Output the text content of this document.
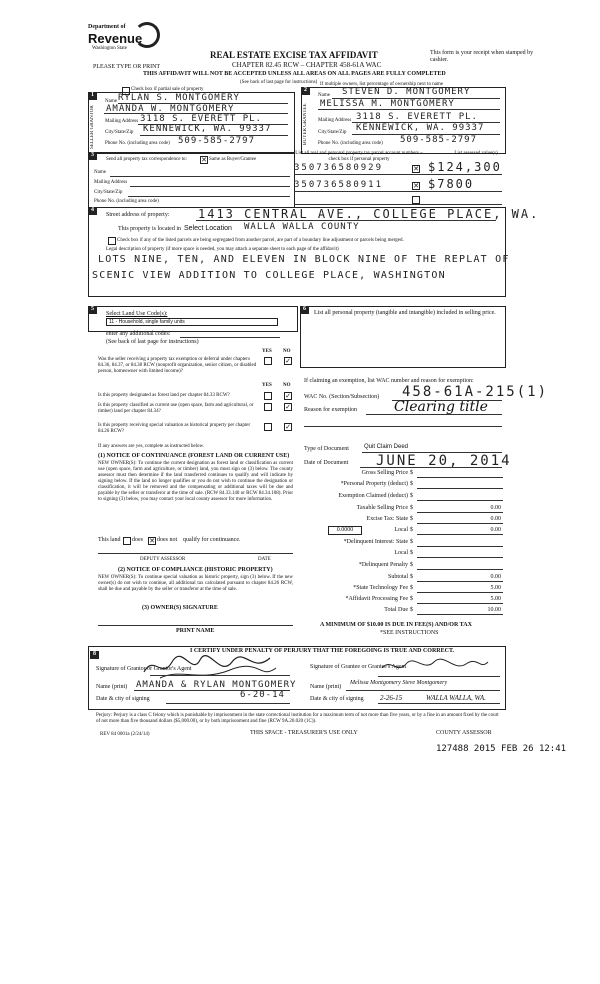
Department of
Revenue
Washington State
PLEASE TYPE OR PRINT
REAL ESTATE EXCISE TAX AFFIDAVIT
CHAPTER 82.45 RCW – CHAPTER 458-61A WAC
This form is your receipt when stamped by cashier.
THIS AFFIDAVIT WILL NOT BE ACCEPTED UNLESS ALL AREAS ON ALL PAGES ARE FULLY COMPLETED
(See back of last page for instructions)
Check box if partial sale of property
If multiple owners, list percentage of ownership next to name
1
SELLER GRANTOR
Name RYLAN S. MONTGOMERY
AMANDA W. MONTGOMERY
Mailing Address 3118 S. EVERETT PL.
City/State/Zip KENNEWICK, WA. 99337
Phone No. (including area code) 509-585-2797
2
BUYER GRANTEE
Name STEVEN D. MONTGOMERY
MELISSA M. MONTGOMERY
Mailing Address 3118 S. EVERETT PL.
City/State/Zip KENNEWICK, WA. 99337
Phone No. (including area code) 509-585-2797
3
Send all property tax correspondence to: ✕ Same as Buyer/Grantee
Name
Mailing Address
City/State/Zip
Phone No. (including area code)
List all real and personal property tax parcel account numbers – check box if personal property
List assessed value(s)
350736580929	✕ $124,300
350736580911	✕ $7800
4
Street address of property: 1413 CENTRAL AVE., COLLEGE PLACE, WA.
This property is located in Select Location WALLA WALLA COUNTY
Check box if any of the listed parcels are being segregated from another parcel, are part of a boundary line adjustment or parcels being merged.
Legal description of property (if more space is needed, you may attach a separate sheet to each page of the affidavit)
LOTS NINE, TEN, AND ELEVEN IN BLOCK NINE OF THE REPLAT OF
SCENIC VIEW ADDITION TO COLLEGE PLACE, WASHINGTON
5
Select Land Use Code(s):
11 - Household, single family units
enter any additional codes:
(See back of last page for instructions)
YES NO
Was the seller receiving a property tax exemption or deferral under chapters 84.36, 84.37, or 84.38 RCW (nonprofit organization, senior citizen, or disabled person, homeowner with limited income)?
✓
YES NO
Is this property designated as forest land per chapter 84.33 RCW?	✓
Is this property classified as current use (open space, farm and agricultural, or timber) land per chapter 84.34?
✓
Is this property receiving special valuation as historical property per chapter 84.26 RCW?
✓
If any answers are yes, complete as instructed below.
(1) NOTICE OF CONTINUANCE (FOREST LAND OR CURRENT USE)
NEW OWNER(S): To continue the current designation as forest land or classification as current use (open space, farm and agriculture, or timber) land, you must sign on (3) below. The county assessor must then determine if the land transferred continues to qualify and will indicate by signing below. If the land no longer qualifies or you do not wish to continue the designation or classification, it will be removed and the compensating or additional taxes will be due and payable by the seller or transferor at the time of sale. (RCW 84.33.140 or RCW 84.34.108). Prior to signing (3) below, you may contact your local county assessor for more information.
This land does ✕ does not qualify for continuance.
DEPUTY ASSESSOR	DATE
(2) NOTICE OF COMPLIANCE (HISTORIC PROPERTY)
NEW OWNER(S): To continue special valuation as historic property, sign (3) below. If the new owner(s) do not wish to continue, all additional tax calculated pursuant to chapter 84.26 RCW, shall be due and payable by the seller or transferor at the time of sale.
(3) OWNER(S) SIGNATURE
PRINT NAME
6
List all personal property (tangible and intangible) included in selling price.
If claiming an exemption, list WAC number and reason for exemption:
WAC No. (Section/Subsection) 458-61A-215(1)
Reason for exemption	Clearing title
Type of Document	Quit Claim Deed
Date of Document JUNE 20, 2014
Gross Selling Price $
*Personal Property (deduct) $
Exemption Claimed (deduct) $
Taxable Selling Price $	0.00
Excise Tax: State $	0.00
0.0000	Local $	0.00
*Delinquent Interest: State $
Local $
*Delinquent Penalty $
Subtotal $	0.00
*State Technology Fee $	5.00
*Affidavit Processing Fee $	5.00
Total Due $	10.00
A MINIMUM OF $10.00 IS DUE IN FEE(S) AND/OR TAX
*SEE INSTRUCTIONS
8	I CERTIFY UNDER PENALTY OF PERJURY THAT THE FOREGOING IS TRUE AND CORRECT.
Signature of Grantor or Grantor's Agent	Signature of Grantee or Grantee's Agent
Name (print) AMANDA & RYLAN MONTGOMERY Name (print)
Melissa Montgomery Steve Montgomery
Date & city of signing	6-20-14	Date & city of signing 2-26-15	WALLA WALLA, WA.
Perjury: Perjury is a class C felony which is punishable by imprisonment in the state correctional institution for a maximum term of not more than five years, or by a fine in an amount fixed by the court of not more than five thousand dollars ($5,000.00), or by both imprisonment and fine (RCW 9A.20.020 (1C)).
REV 84 0001a (2/24/14)	THIS SPACE - TREASURER'S USE ONLY	COUNTY ASSESSOR
127488 2015 FEB 26 12:41
